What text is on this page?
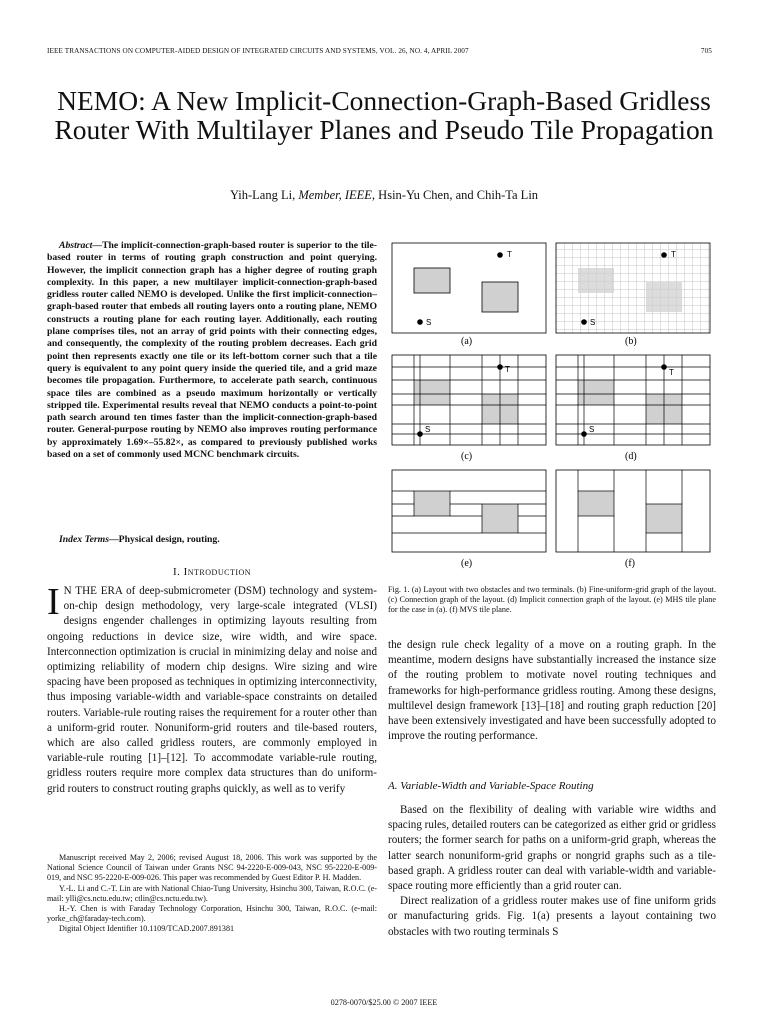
IEEE TRANSACTIONS ON COMPUTER-AIDED DESIGN OF INTEGRATED CIRCUITS AND SYSTEMS, VOL. 26, NO. 4, APRIL 2007	705
NEMO: A New Implicit-Connection-Graph-Based Gridless Router With Multilayer Planes and Pseudo Tile Propagation
Yih-Lang Li, Member, IEEE, Hsin-Yu Chen, and Chih-Ta Lin

Abstract—The implicit-connection-graph-based router is superior to the tile-based router in terms of routing graph construction and point querying. However, the implicit connection graph has a higher degree of routing graph complexity. In this paper, a new multilayer implicit-connection-graph-based gridless router called NEMO is developed. Unlike the first implicit-connection–graph-based router that embeds all routing layers onto a routing plane, NEMO constructs a routing plane for each routing layer. Additionally, each routing plane comprises tiles, not an array of grid points with their connecting edges, and consequently, the complexity of the routing problem decreases. Each grid point then represents exactly one tile or its left-bottom corner such that a tile query is equivalent to any point query inside the queried tile, and a grid maze becomes tile propagation. Furthermore, to accelerate path search, continuous space tiles are combined as a pseudo maximum horizontally or vertically stripped tile. Experimental results reveal that NEMO conducts a point-to-point path search around ten times faster than the implicit-connection-graph-based router. General-purpose routing by NEMO also improves routing performance by approximately 1.69×–55.82×, as compared to previously published works based on a set of commonly used MCNC benchmark circuits.

Index Terms—Physical design, routing.

I. Introduction

I N THE ERA of deep-submicrometer (DSM) technology and system-on-chip design methodology, very large-scale integrated (VLSI) designs engender challenges in optimizing layouts resulting from ongoing reductions in device size, wire width, and wire space. Interconnection optimization is crucial in minimizing delay and noise and optimizing reliability of modern chip designs. Wire sizing and wire spacing have been proposed as techniques in optimizing interconnectivity, thus imposing variable-width and variable-space constraints on detailed routers. Variable-rule routing raises the requirement for a router other than a uniform-grid router. Nonuniform-grid routers and tile-based routers, which are also called gridless routers, are commonly employed in variable-rule routing [1]–[12]. To accommodate variable-rule routing, gridless routers require more complex data structures than do uniform-grid routers to construct routing graphs quickly, as well as to verify

Manuscript received May 2, 2006; revised August 18, 2006. This work was supported by the National Science Council of Taiwan under Grants NSC 94-2220-E-009-043, NSC 95-2220-E-009-019, and NSC 95-2220-E-009-026. This paper was recommended by Guest Editor P. H. Madden.

Y.-L. Li and C.-T. Lin are with National Chiao-Tung University, Hsinchu 300, Taiwan, R.O.C. (e-mail: ylli@cs.nctu.edu.tw; ctlin@cs.nctu.edu.tw).

H.-Y. Chen is with Faraday Technology Corporation, Hsinchu 300, Taiwan, R.O.C. (e-mail: yorke_ch@faraday-tech.com).

Digital Object Identifier 10.1109/TCAD.2007.891381

T
S
(a)
T
S
(b)
T
S
(c)
T
S
(d)
(e)	(f)

Fig. 1. (a) Layout with two obstacles and two terminals. (b) Fine-uniform-grid graph of the layout. (c) Connection graph of the layout. (d) Implicit connection graph of the layout. (e) MHS tile plane for the case in (a). (f) MVS tile plane.

the design rule check legality of a move on a routing graph. In the meantime, modern designs have substantially increased the instance size of the routing problem to motivate novel routing techniques and frameworks for high-performance gridless routing. Among these designs, multilevel design framework [13]–[18] and routing graph reduction [20] have been extensively investigated and have been successfully adopted to improve the routing performance.

A. Variable-Width and Variable-Space Routing

Based on the flexibility of dealing with variable wire widths and spacing rules, detailed routers can be categorized as either grid or gridless routers; the former search for paths on a uniform-grid graph, whereas the latter search nonuniform-grid graphs or nongrid graphs such as a tile-based graph. A gridless router can deal with variable-width and variable-space routing more efficiently than a grid router can.

Direct realization of a gridless router makes use of fine uniform grids or manufacturing grids. Fig. 1(a) presents a layout containing two obstacles with two routing terminals S

0278-0070/$25.00 © 2007 IEEE
